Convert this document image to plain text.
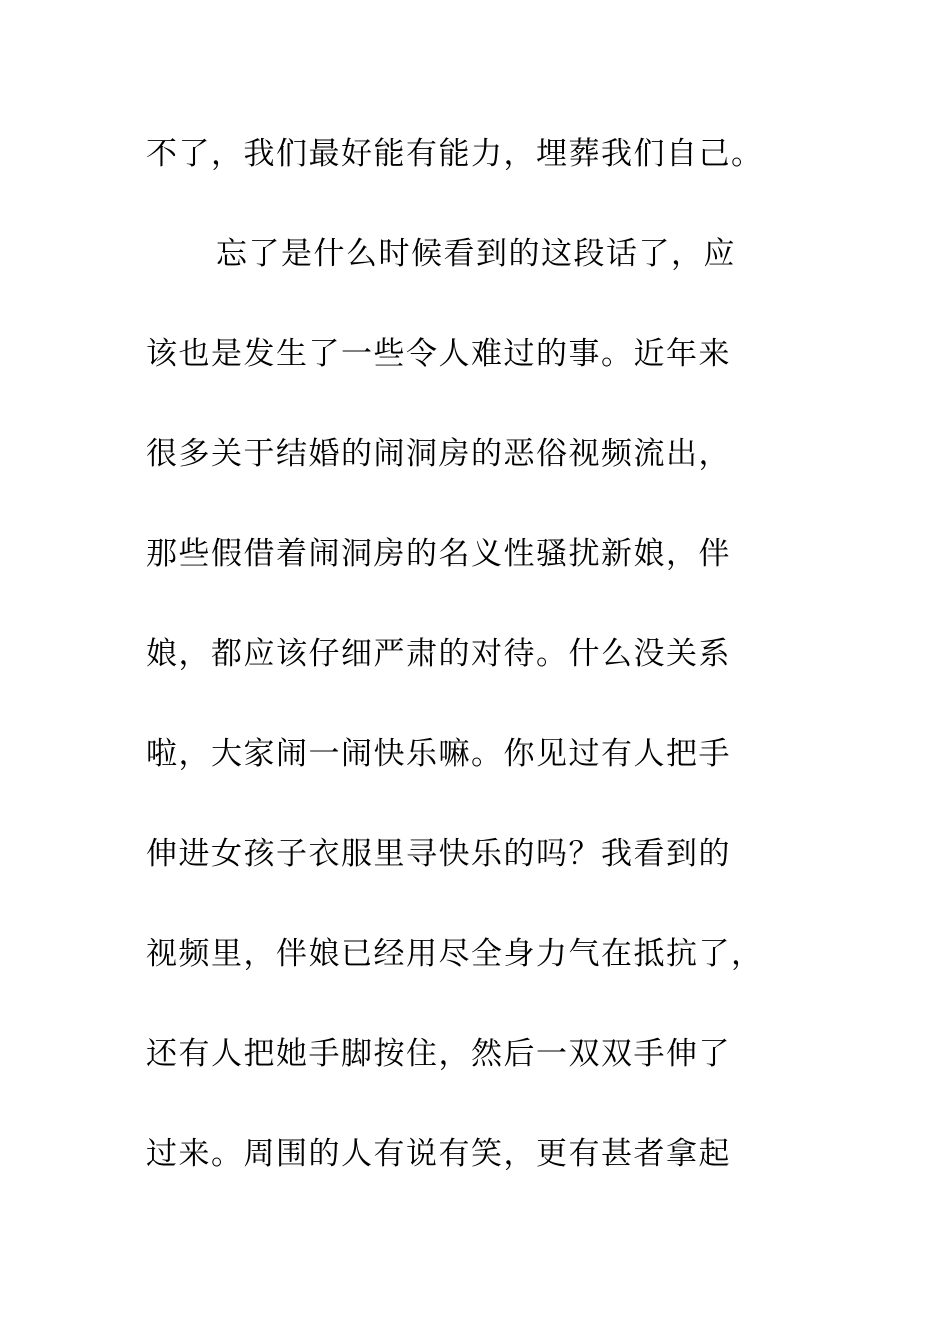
不了，我们最好能有能力，埋葬我们自己。
忘了是什么时候看到的这段话了，应
该也是发生了一些令人难过的事。近年来
很多关于结婚的闹洞房的恶俗视频流出，
那些假借着闹洞房的名义性骚扰新娘，伴
娘，都应该仔细严肃的对待。什么没关系
啦，大家闹一闹快乐嘛。你见过有人把手
伸进女孩子衣服里寻快乐的吗？我看到的
视频里，伴娘已经用尽全身力气在抵抗了，
还有人把她手脚按住，然后一双双手伸了
过来。周围的人有说有笑，更有甚者拿起
